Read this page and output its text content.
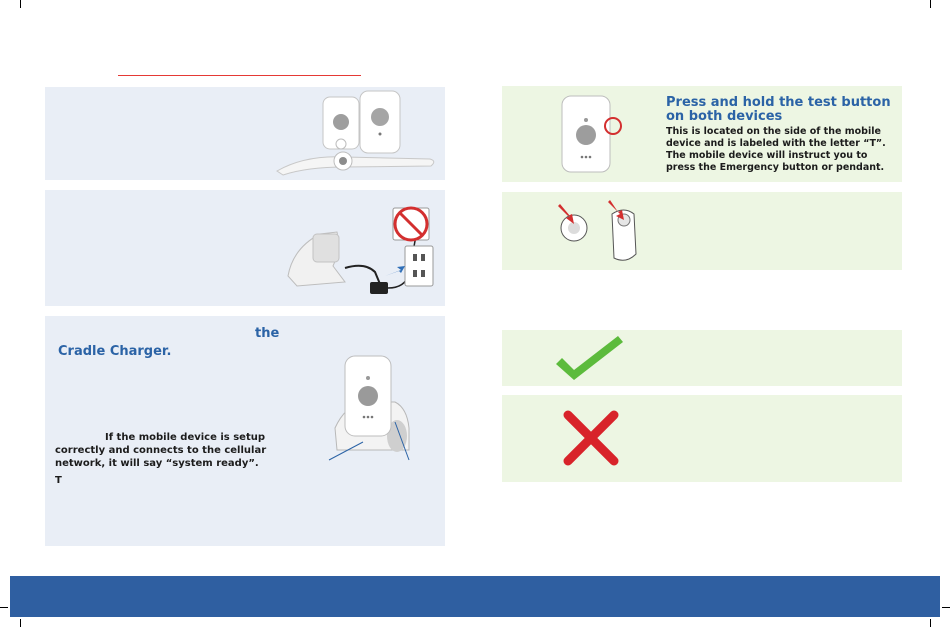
the
Cradle Charger.
If the mobile device is setup correctly and connects to the cellular network, it will say “system ready”.
T
Press and hold the test button
on both devices
This is located on the side of the mobile
device and is labeled with the letter “T”.
The mobile device will instruct you to
press the Emergency button or pendant.
